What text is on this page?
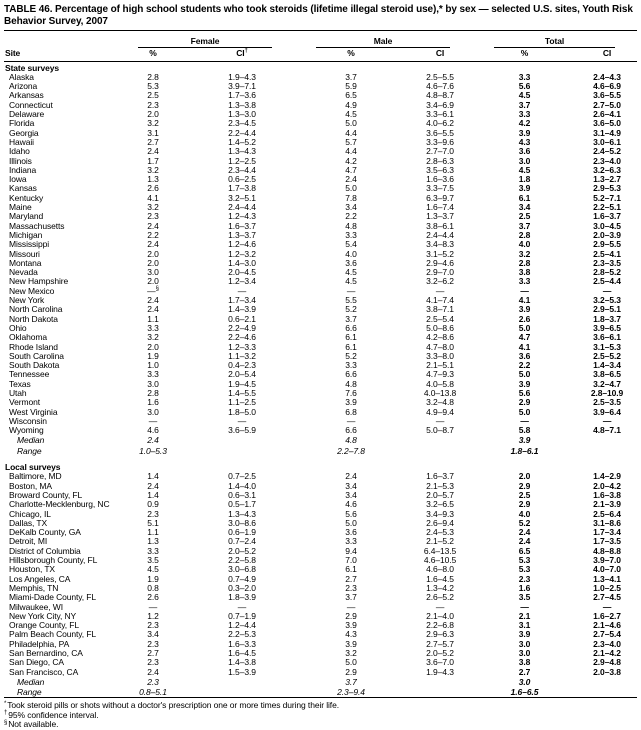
TABLE 46. Percentage of high school students who took steroids (lifetime illegal steroid use),* by sex — selected U.S. sites, Youth Risk Behavior Survey, 2007

	Female		Male		Total	

Site	%	CI†	%	CI	%	CI
State surveys						
Alaska	2.8	1.9–4.3	3.7	2.5–5.5	3.3	2.4–4.3
Arizona	5.3	3.9–7.1	5.9	4.6–7.6	5.6	4.6–6.9
Arkansas	2.5	1.7–3.6	6.5	4.8–8.7	4.5	3.6–5.5
Connecticut	2.3	1.3–3.8	4.9	3.4–6.9	3.7	2.7–5.0
Delaware	2.0	1.3–3.0	4.5	3.3–6.1	3.3	2.6–4.1
Florida	3.2	2.3–4.5	5.0	4.0–6.2	4.2	3.6–5.0
Georgia	3.1	2.2–4.4	4.4	3.6–5.5	3.9	3.1–4.9
Hawaii	2.7	1.4–5.2	5.7	3.3–9.6	4.3	3.0–6.1
Idaho	2.4	1.3–4.3	4.4	2.7–7.0	3.6	2.4–5.2
Illinois	1.7	1.2–2.5	4.2	2.8–6.3	3.0	2.3–4.0
Indiana	3.2	2.3–4.4	4.7	3.5–6.3	4.5	3.2–6.3
Iowa	1.3	0.6–2.5	2.4	1.6–3.6	1.8	1.3–2.7
Kansas	2.6	1.7–3.8	5.0	3.3–7.5	3.9	2.9–5.3
Kentucky	4.1	3.2–5.1	7.8	6.3–9.7	6.1	5.2–7.1
Maine	3.2	2.4–4.4	3.4	1.6–7.4	3.4	2.2–5.1
Maryland	2.3	1.2–4.3	2.2	1.3–3.7	2.5	1.6–3.7
Massachusetts	2.4	1.6–3.7	4.8	3.8–6.1	3.7	3.0–4.5
Michigan	2.2	1.3–3.7	3.3	2.4–4.4	2.8	2.0–3.9
Mississippi	2.4	1.2–4.6	5.4	3.4–8.3	4.0	2.9–5.5
Missouri	2.0	1.2–3.2	4.0	3.1–5.2	3.2	2.5–4.1
Montana	2.0	1.4–3.0	3.6	2.9–4.6	2.8	2.3–3.5
Nevada	3.0	2.0–4.5	4.5	2.9–7.0	3.8	2.8–5.2
New Hampshire	2.0	1.2–3.4	4.5	3.2–6.2	3.3	2.5–4.4
New Mexico	—§	—	—	—	—	—
New York	2.4	1.7–3.4	5.5	4.1–7.4	4.1	3.2–5.3
North Carolina	2.4	1.4–3.9	5.2	3.8–7.1	3.9	2.9–5.1
North Dakota	1.1	0.6–2.1	3.7	2.5–5.4	2.6	1.8–3.7
Ohio	3.3	2.2–4.9	6.6	5.0–8.6	5.0	3.9–6.5
Oklahoma	3.2	2.2–4.6	6.1	4.2–8.6	4.7	3.6–6.1
Rhode Island	2.0	1.2–3.3	6.1	4.7–8.0	4.1	3.1–5.3
South Carolina	1.9	1.1–3.2	5.2	3.3–8.0	3.6	2.5–5.2
South Dakota	1.0	0.4–2.3	3.3	2.1–5.1	2.2	1.4–3.4
Tennessee	3.3	2.0–5.4	6.6	4.7–9.3	5.0	3.8–6.5
Texas	3.0	1.9–4.5	4.8	4.0–5.8	3.9	3.2–4.7
Utah	2.8	1.4–5.5	7.6	4.0–13.8	5.6	2.8–10.9
Vermont	1.6	1.1–2.5	3.9	3.2–4.8	2.9	2.5–3.5
West Virginia	3.0	1.8–5.0	6.8	4.9–9.4	5.0	3.9–6.4
Wisconsin	—	—	—	—	—	—
Wyoming	4.6	3.6–5.9	6.6	5.0–8.7	5.8	4.8–7.1
Median	2.4		4.8		3.9	
Range	1.0–5.3		2.2–7.8		1.8–6.1	
Local surveys						
Baltimore, MD	1.4	0.7–2.5	2.4	1.6–3.7	2.0	1.4–2.9
Boston, MA	2.4	1.4–4.0	3.4	2.1–5.3	2.9	2.0–4.2
Broward County, FL	1.4	0.6–3.1	3.4	2.0–5.7	2.5	1.6–3.8
Charlotte-Mecklenburg, NC	0.9	0.5–1.7	4.6	3.2–6.5	2.9	2.1–3.9
Chicago, IL	2.3	1.3–4.3	5.6	3.4–9.3	4.0	2.5–6.4
Dallas, TX	5.1	3.0–8.6	5.0	2.6–9.4	5.2	3.1–8.6
DeKalb County, GA	1.1	0.6–1.9	3.6	2.4–5.3	2.4	1.7–3.4
Detroit, MI	1.3	0.7–2.4	3.3	2.1–5.2	2.4	1.7–3.5
District of Columbia	3.3	2.0–5.2	9.4	6.4–13.5	6.5	4.8–8.8
Hillsborough County, FL	3.5	2.2–5.8	7.0	4.6–10.5	5.3	3.9–7.0
Houston, TX	4.5	3.0–6.8	6.1	4.6–8.0	5.3	4.0–7.0
Los Angeles, CA	1.9	0.7–4.9	2.7	1.6–4.5	2.3	1.3–4.1
Memphis, TN	0.8	0.3–2.0	2.3	1.3–4.2	1.6	1.0–2.5
Miami-Dade County, FL	2.6	1.8–3.9	3.7	2.6–5.2	3.5	2.7–4.5
Milwaukee, WI	—	—	—	—	—	—
New York City, NY	1.2	0.7–1.9	2.9	2.1–4.0	2.1	1.6–2.7
Orange County, FL	2.3	1.2–4.4	3.9	2.2–6.8	3.1	2.1–4.6
Palm Beach County, FL	3.4	2.2–5.3	4.3	2.9–6.3	3.9	2.7–5.4
Philadelphia, PA	2.3	1.6–3.3	3.9	2.7–5.7	3.0	2.3–4.0
San Bernardino, CA	2.7	1.6–4.5	3.2	2.0–5.2	3.0	2.1–4.2
San Diego, CA	2.3	1.4–3.8	5.0	3.6–7.0	3.8	2.9–4.8
San Francisco, CA	2.4	1.5–3.9	2.9	1.9–4.3	2.7	2.0–3.8
Median	2.3		3.7		3.0	
Range	0.8–5.1		2.3–9.4		1.6–6.5	
*Took steroid pills or shots without a doctor's prescription one or more times during their life.
†95% confidence interval.
§Not available.
